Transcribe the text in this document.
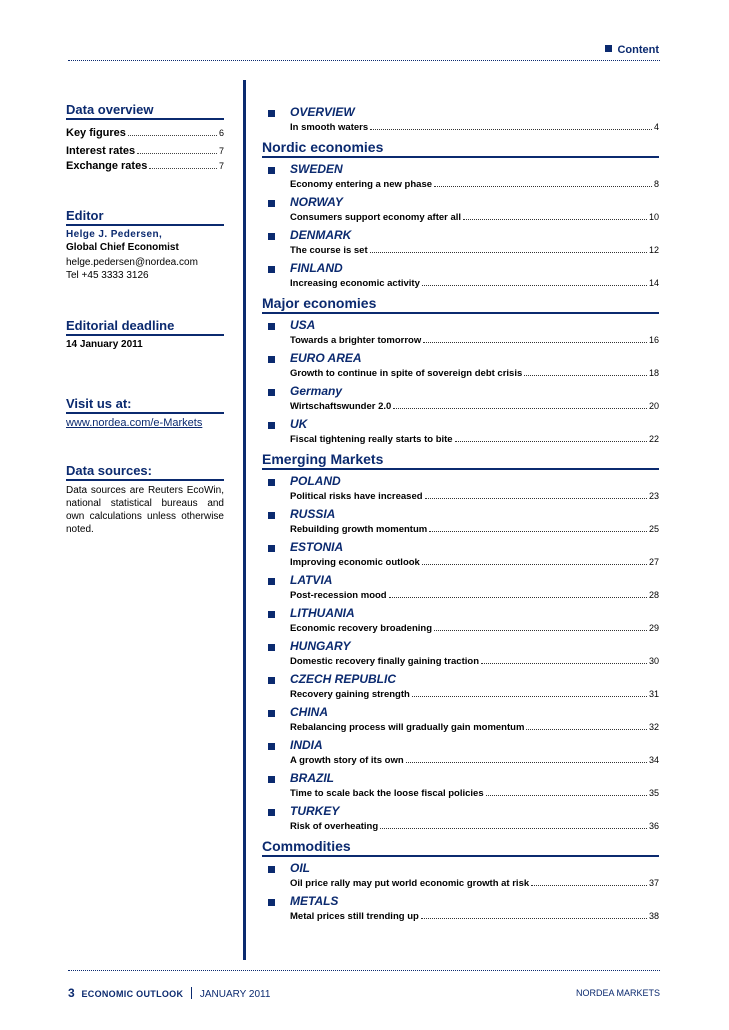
Content
Data overview
Key figures	6
Interest rates	7
Exchange rates	7
Editor
Helge J. Pedersen,
Global Chief Economist
helge.pedersen@nordea.com
Tel +45 3333 3126
Editorial deadline
14 January 2011
Visit us at:
www.nordea.com/e-Markets
Data sources:
Data sources are Reuters EcoWin, national statistical bureaus and own calculations unless otherwise noted.
OVERVIEW
In smooth waters	4
Nordic economies
SWEDEN
Economy entering a new phase	8
NORWAY
Consumers support economy after all	10
DENMARK
The course is set	12
FINLAND
Increasing economic activity	14
Major economies
USA
Towards a brighter tomorrow	16
EURO AREA
Growth to continue in spite of sovereign debt crisis	18
Germany
Wirtschaftswunder 2.0	20
UK
Fiscal tightening really starts to bite	22
Emerging Markets
POLAND
Political risks have increased	23
RUSSIA
Rebuilding growth momentum	25
ESTONIA
Improving economic outlook	27
LATVIA
Post-recession mood	28
LITHUANIA
Economic recovery broadening	29
HUNGARY
Domestic recovery finally gaining traction	30
CZECH REPUBLIC
Recovery gaining strength	31
CHINA
Rebalancing process will gradually gain momentum	32
INDIA
A growth story of its own	34
BRAZIL
Time to scale back the loose fiscal policies	35
TURKEY
Risk of overheating	36
Commodities
OIL
Oil price rally may put world economic growth at risk	37
METALS
Metal prices still trending up	38
3 ECONOMIC OUTLOOK JANUARY 2011	NORDEA MARKETS
